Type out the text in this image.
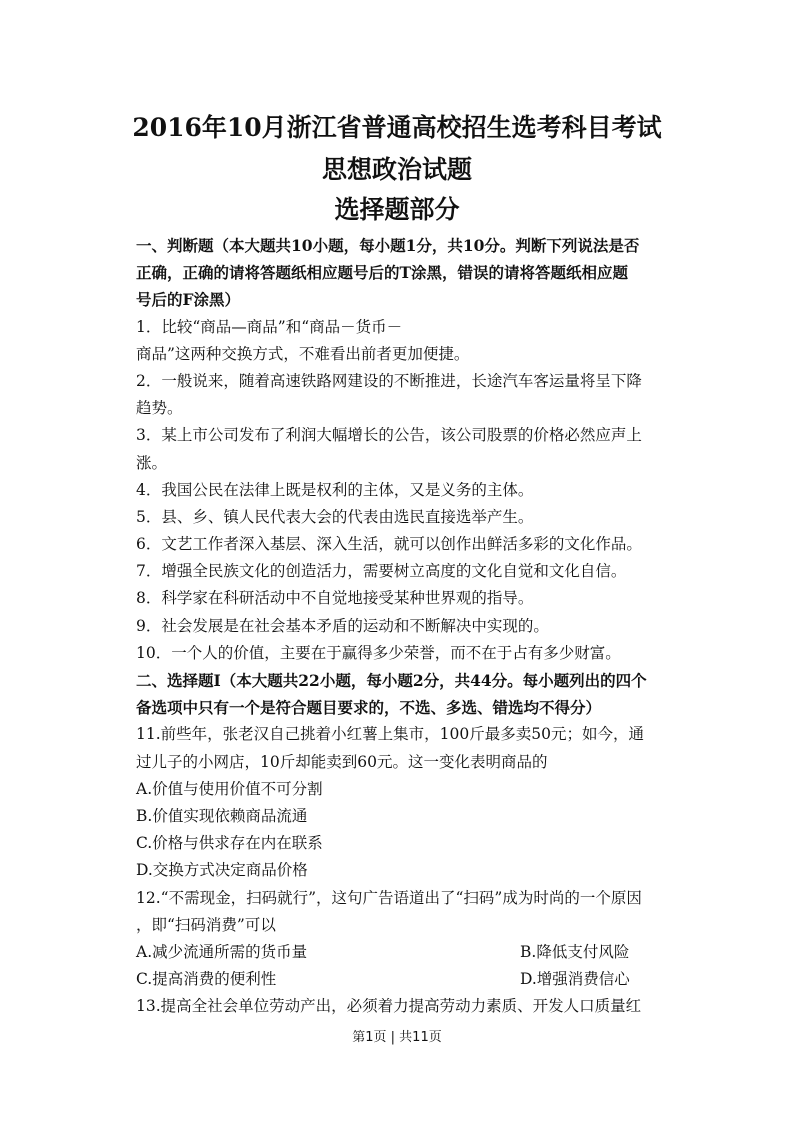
2016年10月浙江省普通高校招生选考科目考试
思想政治试题
选择题部分
一、判断题（本大题共10小题，每小题1分，共10分。判断下列说法是否
正确，正确的请将答题纸相应题号后的T涂黑，错误的请将答题纸相应题
号后的F涂黑）
1．比较“商品—商品”和“商品－货币－
商品”这两种交换方式，不难看出前者更加便捷。
2．一般说来，随着高速铁路网建设的不断推进，长途汽车客运量将呈下降
趋势。
3．某上市公司发布了利润大幅增长的公告，该公司股票的价格必然应声上
涨。
4．我国公民在法律上既是权利的主体，又是义务的主体。
5．县、乡、镇人民代表大会的代表由选民直接选举产生。
6．文艺工作者深入基层、深入生活，就可以创作出鲜活多彩的文化作品。
7．增强全民族文化的创造活力，需要树立高度的文化自觉和文化自信。
8．科学家在科研活动中不自觉地接受某种世界观的指导。
9．社会发展是在社会基本矛盾的运动和不断解决中实现的。
10．一个人的价值，主要在于赢得多少荣誉，而不在于占有多少财富。
二、选择题Ⅰ（本大题共22小题，每小题2分，共44分。每小题列出的四个
备选项中只有一个是符合题目要求的，不选、多选、错选均不得分）
11.前些年，张老汉自己挑着小红薯上集市，100斤最多卖50元；如今，通
过儿子的小网店，10斤却能卖到60元。这一变化表明商品的
A.价值与使用价值不可分割
B.价值实现依赖商品流通
C.价格与供求存在内在联系
D.交换方式决定商品价格
12.“不需现金，扫码就行”，这句广告语道出了“扫码”成为时尚的一个原因
，即“扫码消费”可以
A.减少流通所需的货币量	B.降低支付风险
C.提高消费的便利性	D.增强消费信心
13.提高全社会单位劳动产出，必须着力提高劳动力素质、开发人口质量红
第1页 | 共11页
